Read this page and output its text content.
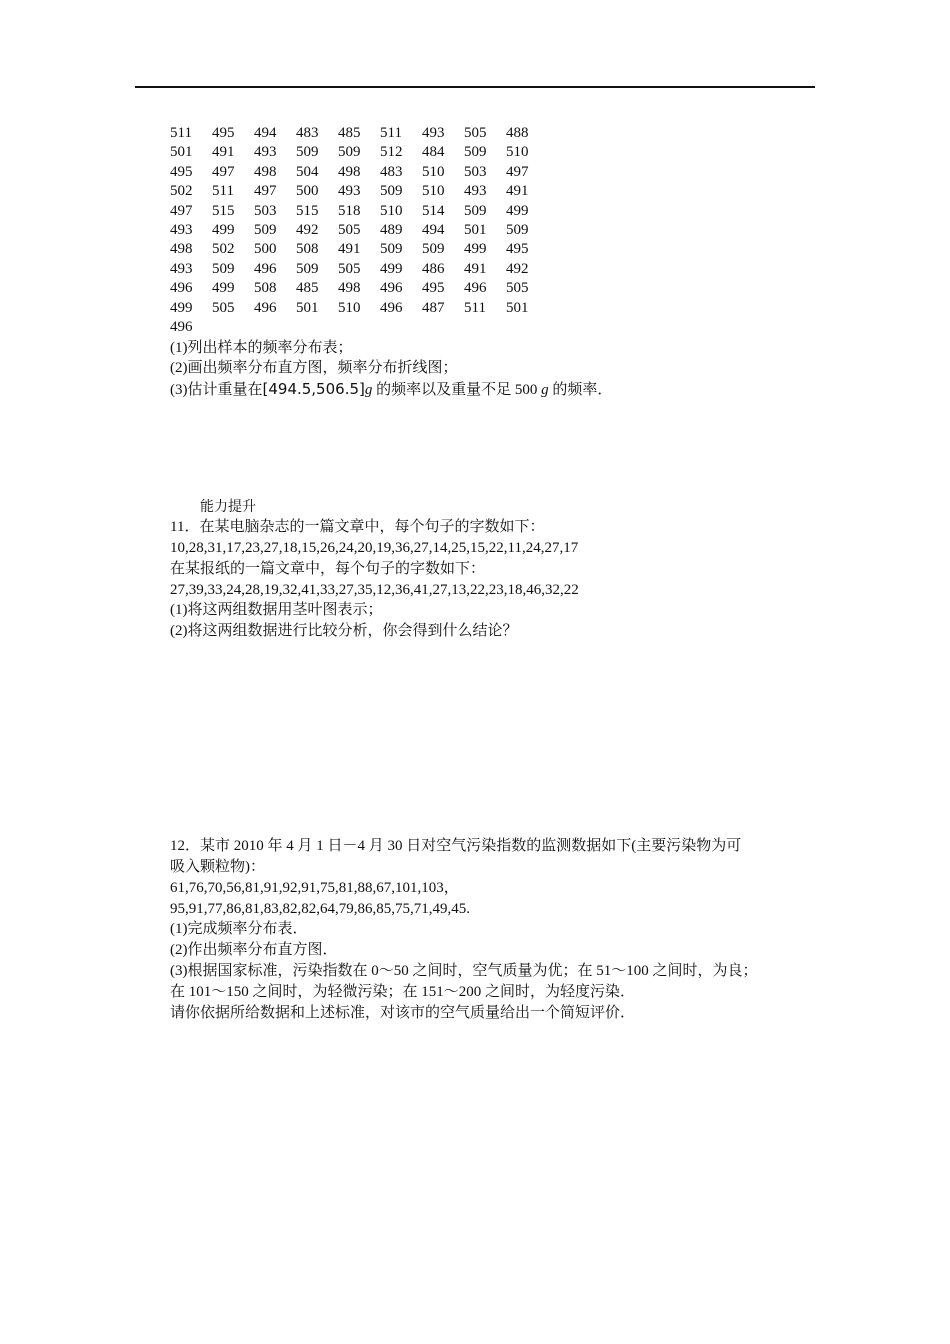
511	495	494	483	485	511	493	505	488
501	491	493	509	509	512	484	509	510
495	497	498	504	498	483	510	503	497
502	511	497	500	493	509	510	493	491
497	515	503	515	518	510	514	509	499
493	499	509	492	505	489	494	501	509
498	502	500	508	491	509	509	499	495
493	509	496	509	505	499	486	491	492
496	499	508	485	498	496	495	496	505
499	505	496	501	510	496	487	511	501
496								
(1)列出样本的频率分布表；
(2)画出频率分布直方图，频率分布折线图；
(3)估计重量在[494.5,506.5]g 的频率以及重量不足 500 g 的频率．
能力提升
11．在某电脑杂志的一篇文章中，每个句子的字数如下：
10,28,31,17,23,27,18,15,26,24,20,19,36,27,14,25,15,22,11,24,27,17
在某报纸的一篇文章中，每个句子的字数如下：
27,39,33,24,28,19,32,41,33,27,35,12,36,41,27,13,22,23,18,46,32,22
(1)将这两组数据用茎叶图表示；
(2)将这两组数据进行比较分析，你会得到什么结论？
12．某市 2010 年 4 月 1 日－4 月 30 日对空气污染指数的监测数据如下(主要污染物为可
吸入颗粒物)：
61,76,70,56,81,91,92,91,75,81,88,67,101,103，
95,91,77,86,81,83,82,82,64,79,86,85,75,71,49,45.
(1)完成频率分布表．
(2)作出频率分布直方图．
(3)根据国家标准，污染指数在 0～50 之间时，空气质量为优；在 51～100 之间时，为良；
在 101～150 之间时，为轻微污染；在 151～200 之间时，为轻度污染．
请你依据所给数据和上述标准，对该市的空气质量给出一个简短评价．
